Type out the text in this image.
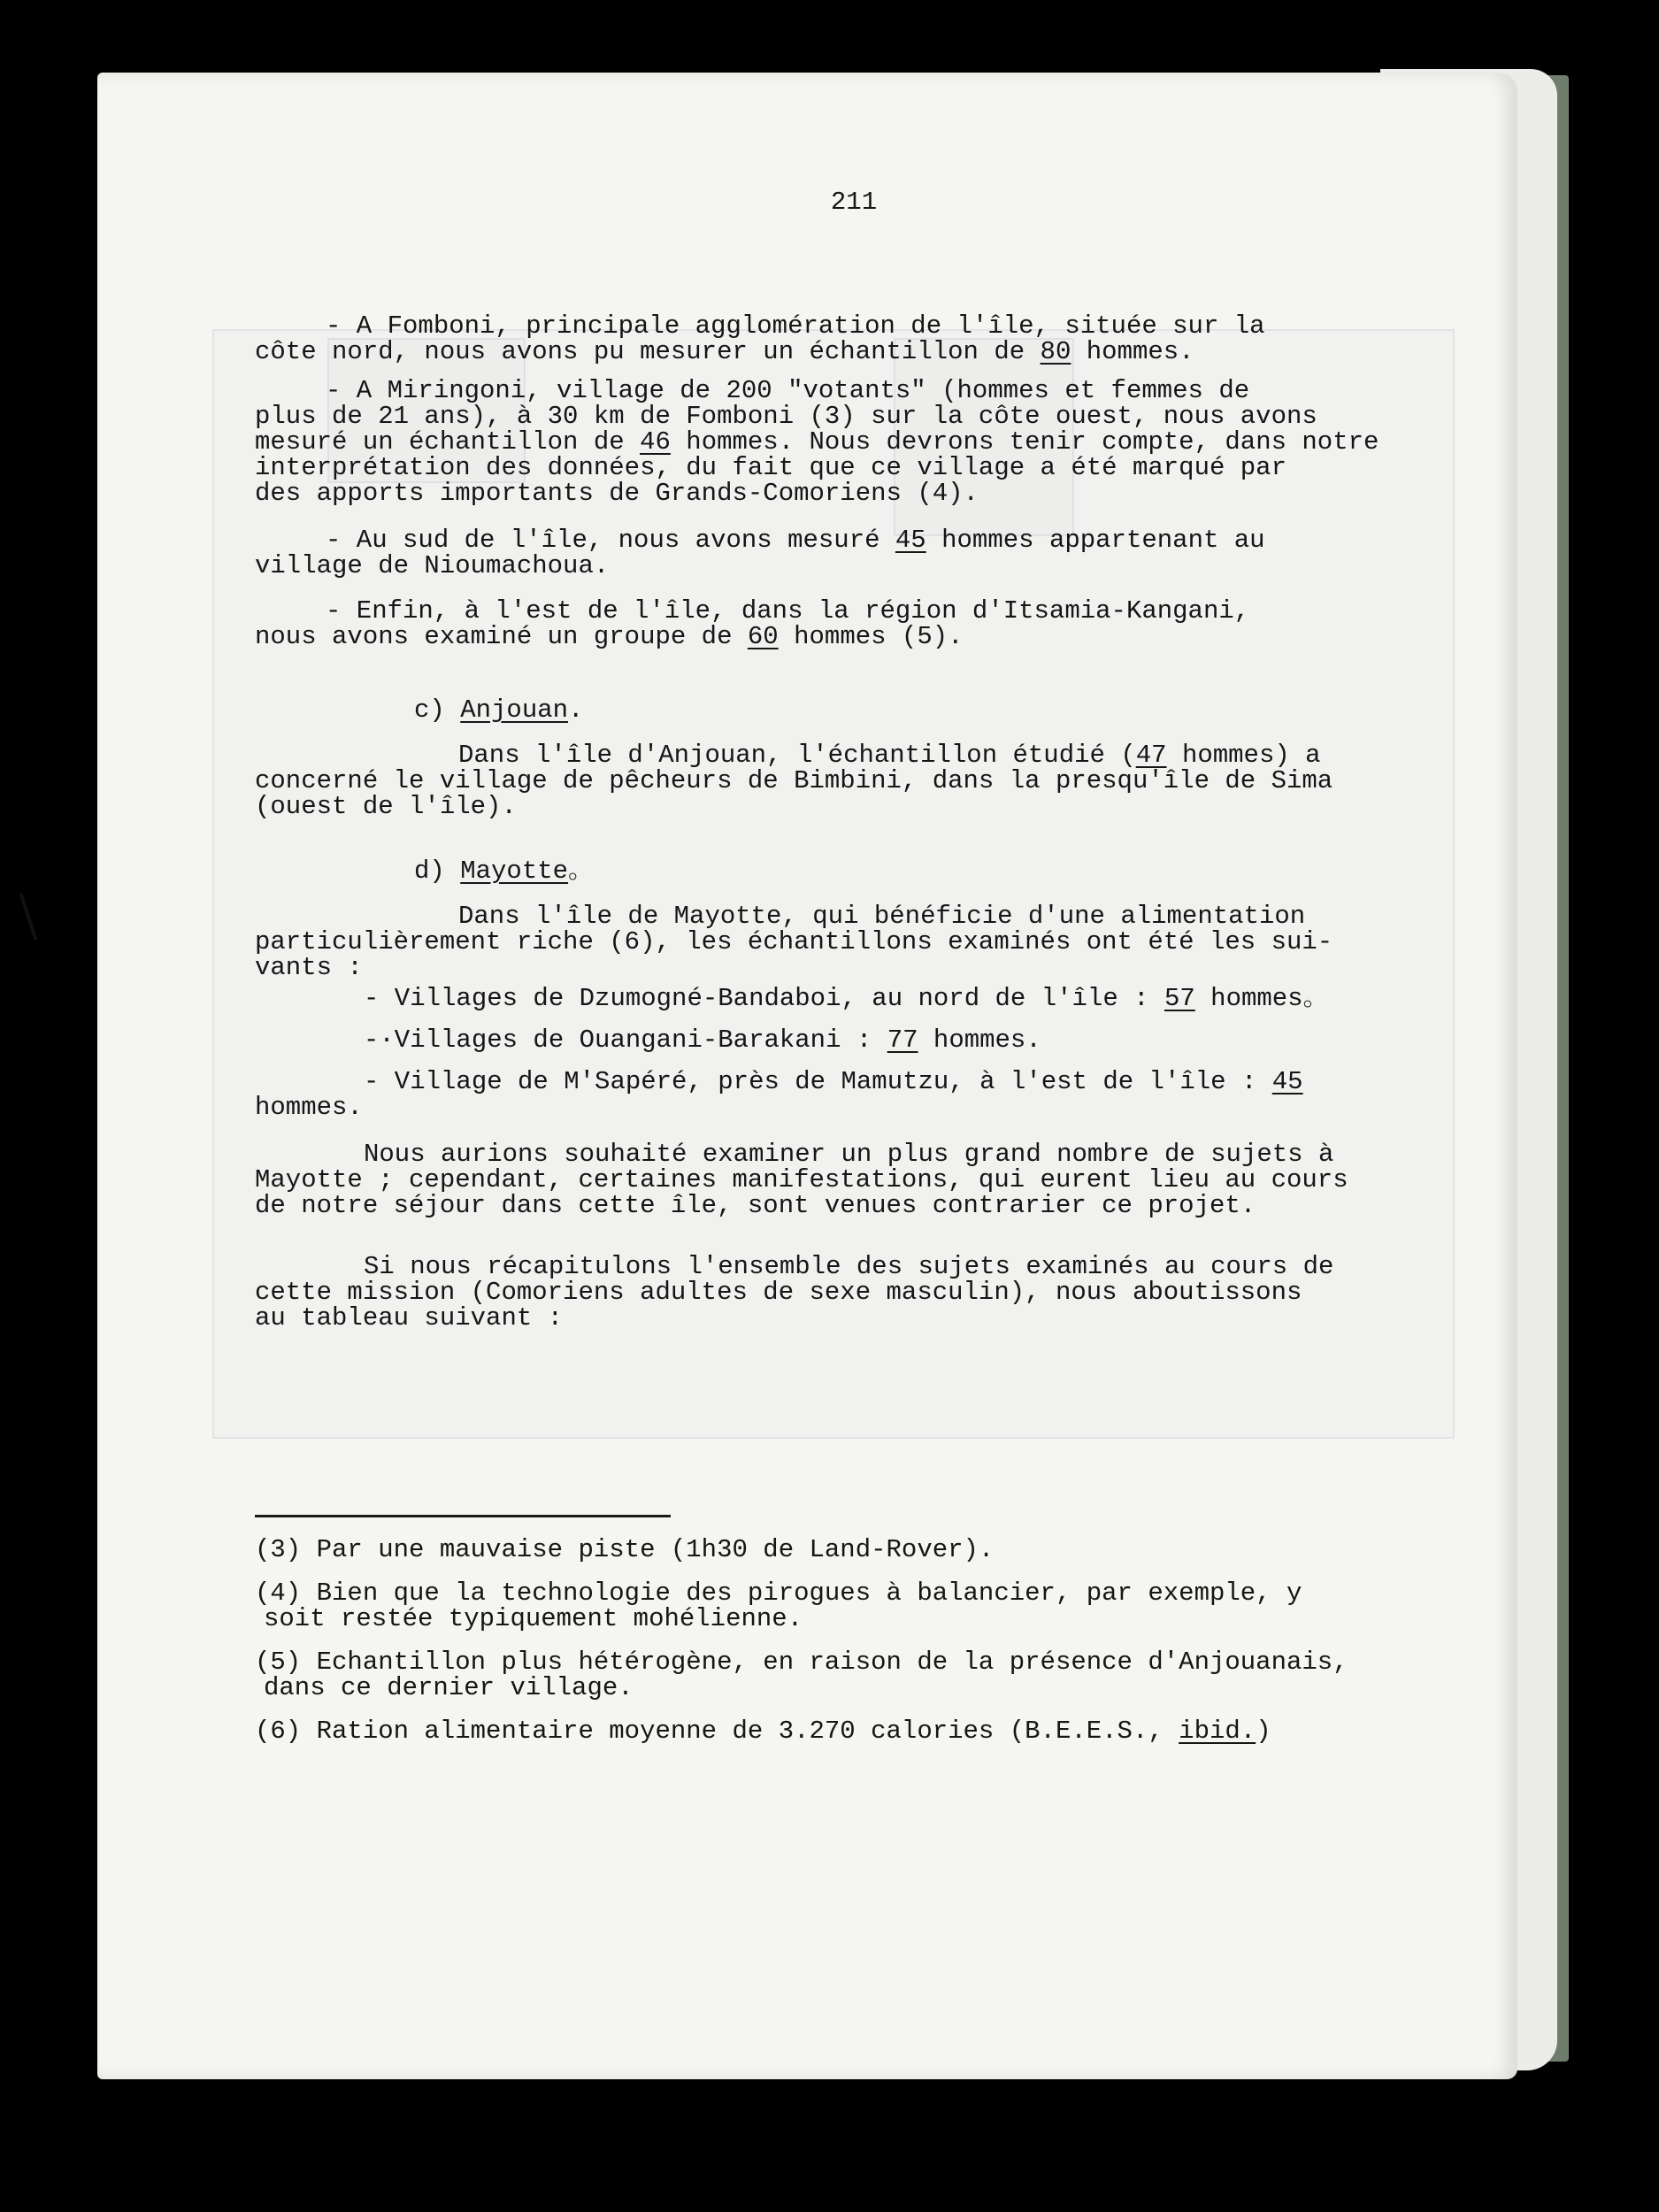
211
- A Fomboni, principale agglomération de l'île, située sur la
côte nord, nous avons pu mesurer un échantillon de 80 hommes.
- A Miringoni, village de 200 "votants" (hommes et femmes de
plus de 21 ans), à 30 km de Fomboni (3) sur la côte ouest, nous avons
mesuré un échantillon de 46 hommes. Nous devrons tenir compte, dans notre
interprétation des données, du fait que ce village a été marqué par
des apports importants de Grands-Comoriens (4).
- Au sud de l'île, nous avons mesuré 45 hommes appartenant au
village de Nioumachoua.
- Enfin, à l'est de l'île, dans la région d'Itsamia-Kangani,
nous avons examiné un groupe de 60 hommes (5).
c) Anjouan.
Dans l'île d'Anjouan, l'échantillon étudié (47 hommes) a
concerné le village de pêcheurs de Bimbini, dans la presqu'île de Sima
(ouest de l'île).
d) Mayotte。
Dans l'île de Mayotte, qui bénéficie d'une alimentation
particulièrement riche (6), les échantillons examinés ont été les sui-
vants :
- Villages de Dzumogné-Bandaboi, au nord de l'île : 57 hommes。
-·Villages de Ouangani-Barakani : 77 hommes.
- Village de M'Sapéré, près de Mamutzu, à l'est de l'île : 45
hommes.
Nous aurions souhaité examiner un plus grand nombre de sujets à
Mayotte ; cependant, certaines manifestations, qui eurent lieu au cours
de notre séjour dans cette île, sont venues contrarier ce projet.
Si nous récapitulons l'ensemble des sujets examinés au cours de
cette mission (Comoriens adultes de sexe masculin), nous aboutissons
au tableau suivant :
(3) Par une mauvaise piste (1h30 de Land-Rover).
(4) Bien que la technologie des pirogues à balancier, par exemple, y
soit restée typiquement mohélienne.
(5) Echantillon plus hétérogène, en raison de la présence d'Anjouanais,
dans ce dernier village.
(6) Ration alimentaire moyenne de 3.270 calories (B.E.E.S., ibid.)
